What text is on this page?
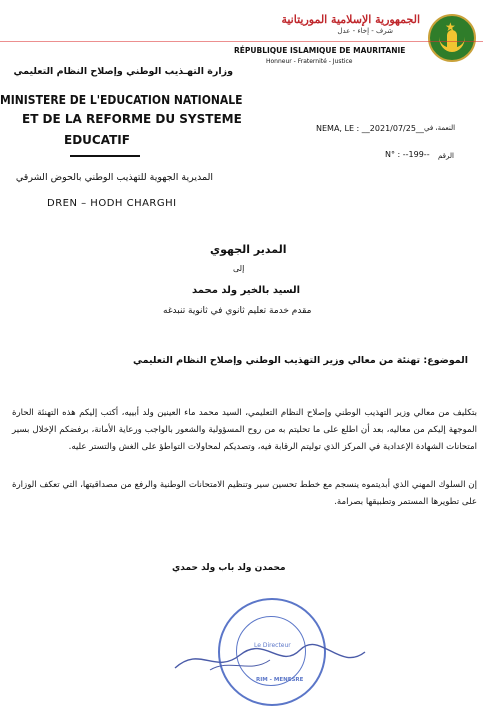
★
الجمهورية الإسلامية الموريتانية
شرف - إخاء - عدل
RÉPUBLIQUE ISLAMIQUE DE MAURITANIE
Honneur - Fraternité - Justice
وزارة التهـذيب الوطني وإصلاح النظام التعليمي
MINISTERE DE L'EDUCATION NATIONALE
ET DE LA REFORME DU SYSTEME
EDUCATIF
المديرية الجهوية للتهذيب الوطني بالحوض الشرقي
DREN – HODH CHARGHI
NEMA, LE : __2021/07/25__ النعمة، في
N° : --199-- الرقم
المدير الجهوي
إلى
السيد بالخير ولد محمد
مقدم خدمة تعليم ثانوي في ثانوية تنبدغه
الموضوع: تهنئة من معالي وزير التهذيب الوطني وإصلاح النظام التعليمي
بتكليف من معالي وزير التهذيب الوطني وإصلاح النظام التعليمي، السيد محمد ماء العينين ولد أبييه، أكتب إليكم هذه التهنئة الحارة الموجهة إليكم من معاليه، بعد أن اطلع على ما تحليتم به من روح المسؤولية والشعور بالواجب ورعاية الأمانة، برفضكم الإخلال بسير امتحانات الشهادة الإعدادية في المركز الذي توليتم الرقابة فيه، وتصديكم لمحاولات التواطؤ على الغش والتستر عليه.
إن السلوك المهني الذي أبديتموه ينسجم مع خطط تحسين سير وتنظيم الامتحانات الوطنية والرفع من مصداقيتها، التي تعكف الوزارة على تطويرها المستمر وتطبيقها بصرامة.
محمدن ولد باب ولد حمدي
Le Directeur
RIM - MENESRE
